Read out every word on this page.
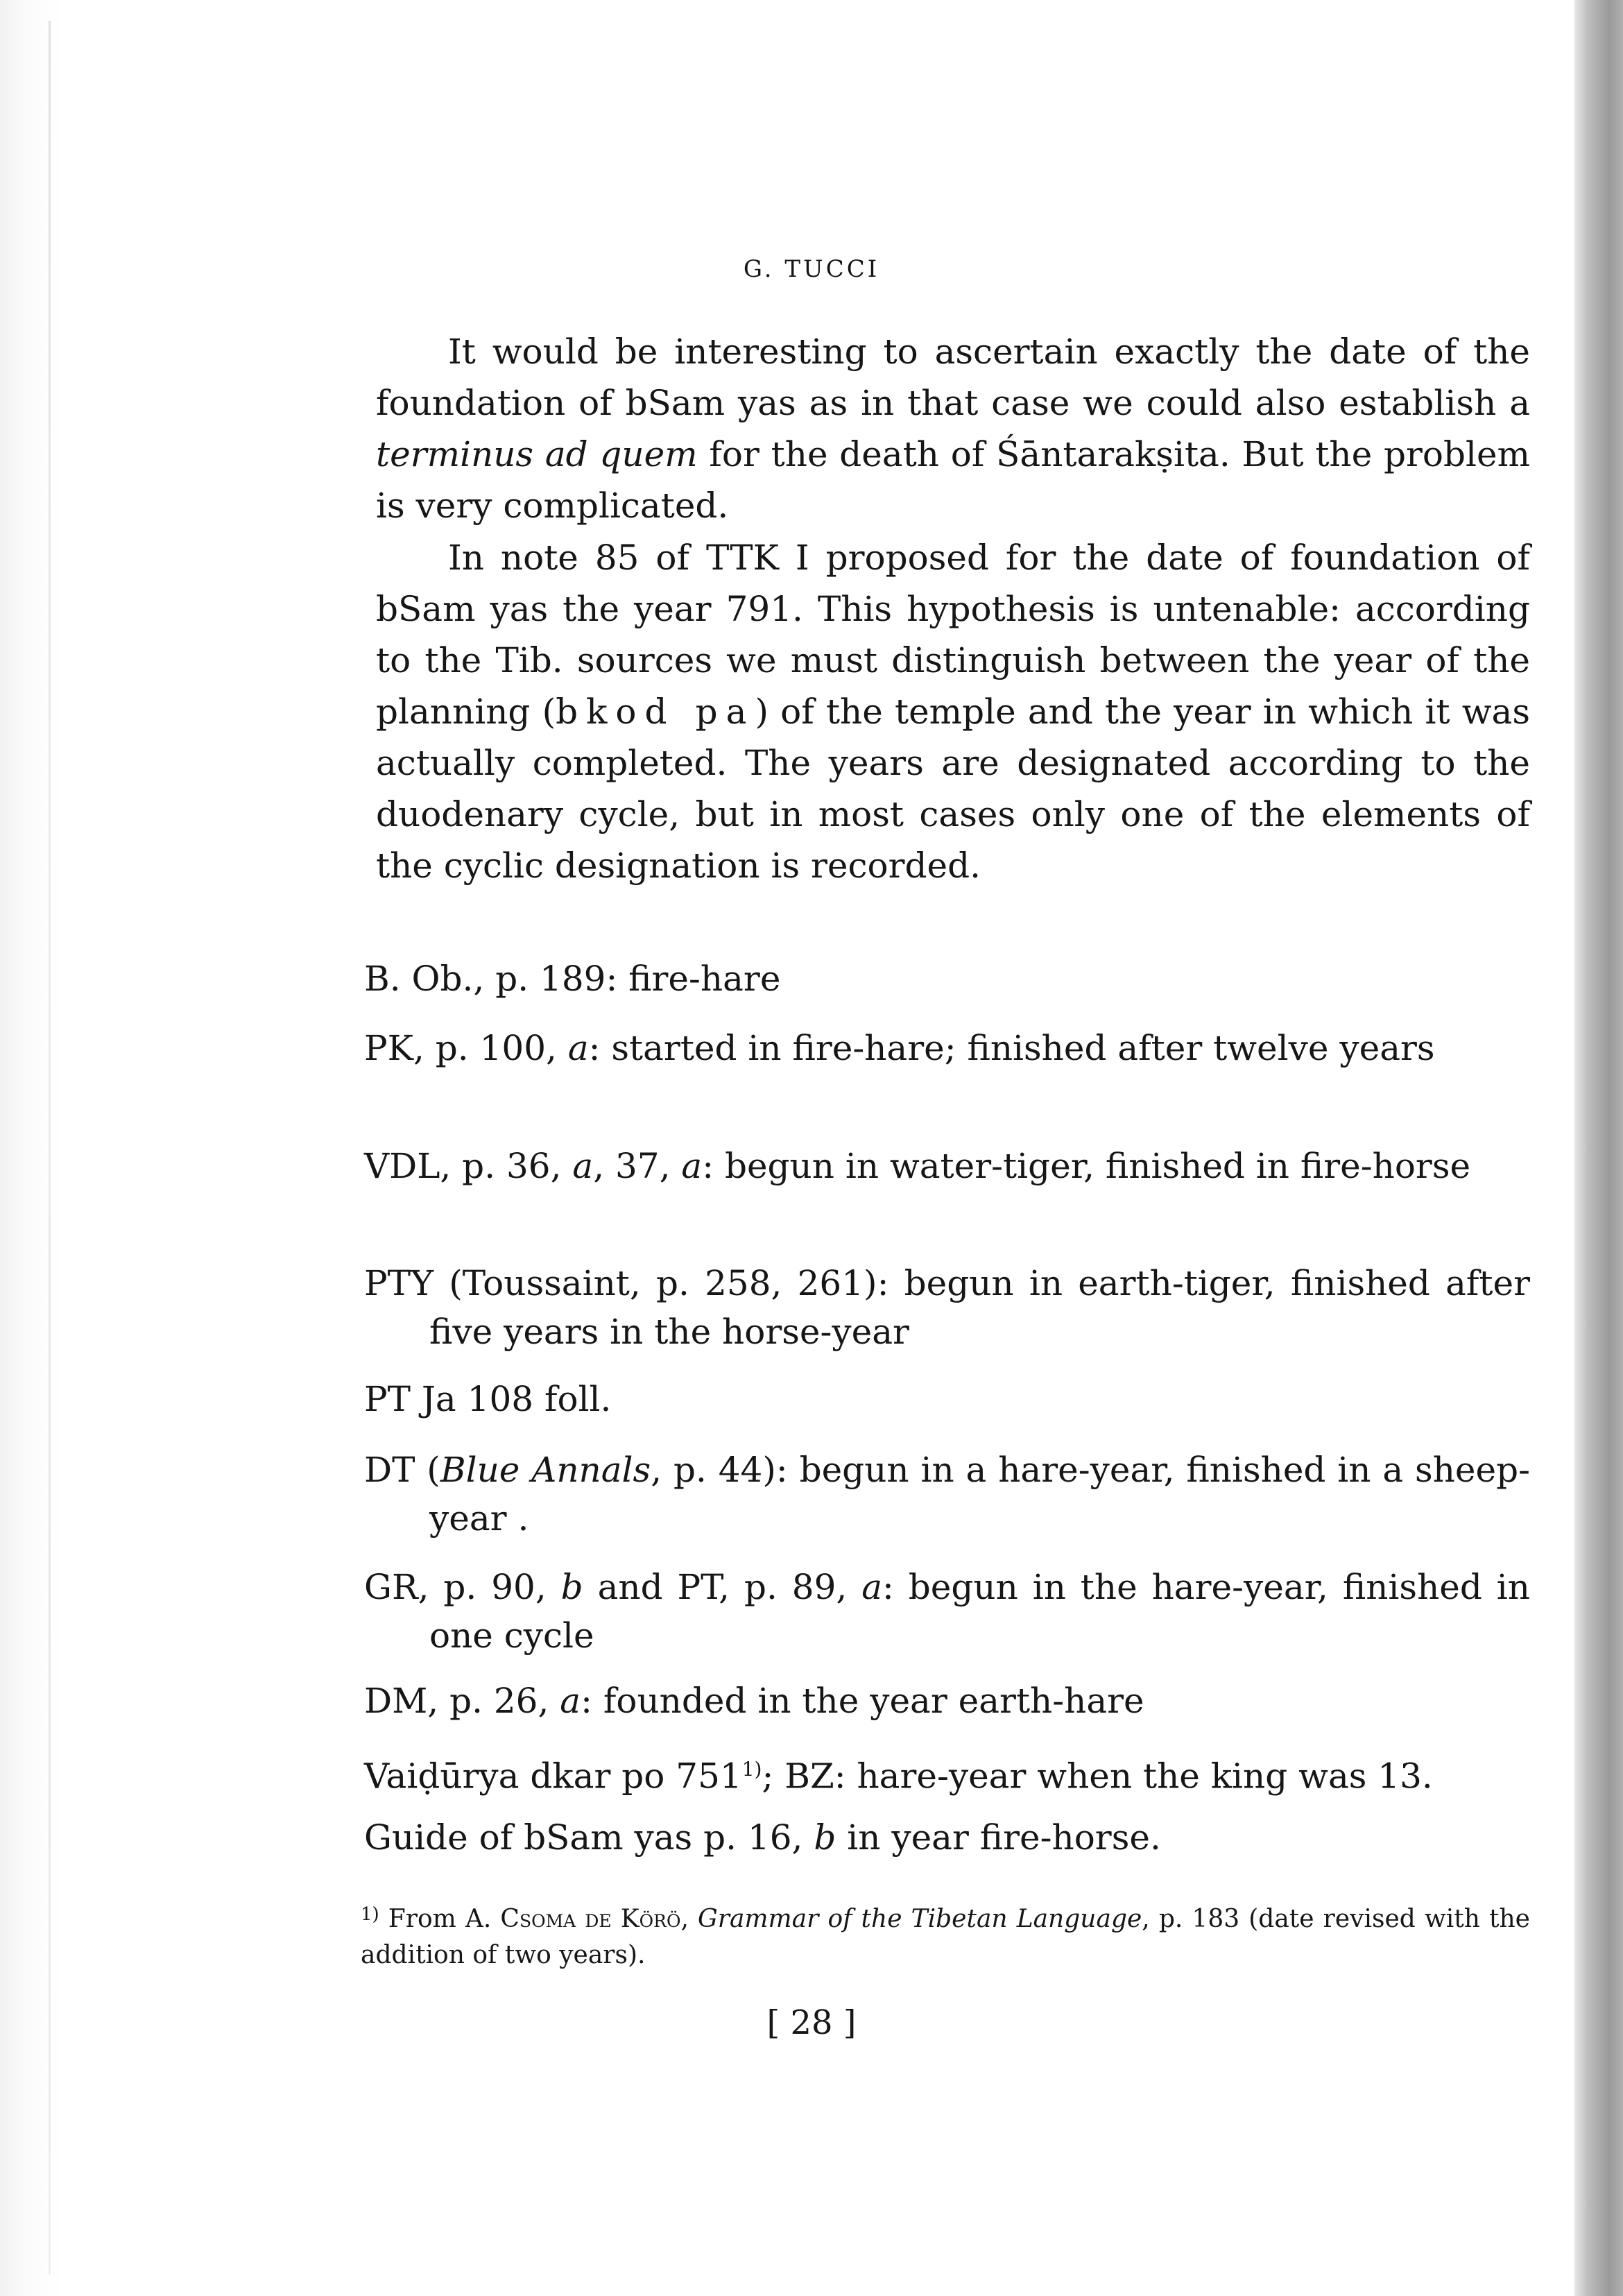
G. TUCCI

It would be interesting to ascertain exactly the date of the foundation of bSam yas as in that case we could also establish a terminus ad quem for the death of Śāntarakṣita. But the problem is very complicated.

In note 85 of TTK I proposed for the date of foundation of bSam yas the year 791. This hypothesis is untenable: according to the Tib. sources we must distinguish between the year of the planning (bkod pa) of the temple and the year in which it was actually completed. The years are designated according to the duodenary cycle, but in most cases only one of the elements of the cyclic designation is recorded.

B. Ob., p. 189: fire-hare

PK, p. 100, a: started in fire-hare; finished after twelve years

VDL, p. 36, a, 37, a: begun in water-tiger, finished in fire-horse

PTY (Toussaint, p. 258, 261): begun in earth-tiger, finished after five years in the horse-year

PT Ja 108 foll.

DT (Blue Annals, p. 44): begun in a hare-year, finished in a sheep-year .

GR, p. 90, b and PT, p. 89, a: begun in the hare-year, finished in one cycle

DM, p. 26, a: founded in the year earth-hare

Vaiḍūrya dkar po 751$^{1)}$; BZ: hare-year when the king was 13.

Guide of bSam yas p. 16, b in year fire-horse.

$^{1)}$ From A. Csoma de Körö, Grammar of the Tibetan Language, p. 183 (date revised with the addition of two years).

[ 28 ]
